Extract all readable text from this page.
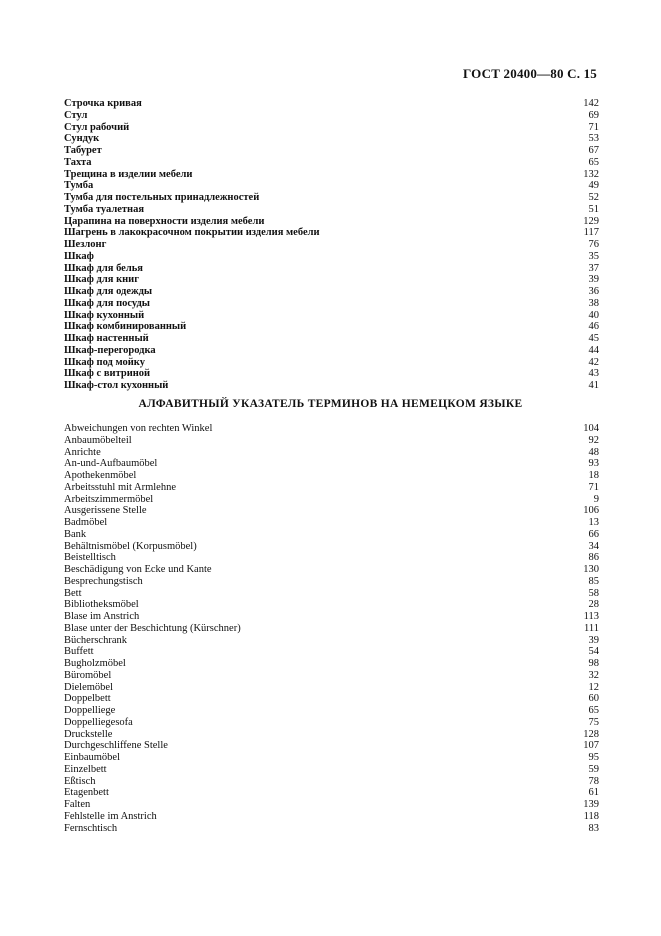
ГОСТ 20400—80 С. 15
Строчка кривая	142
Стул	69
Стул рабочий	71
Сундук	53
Табурет	67
Тахта	65
Трещина в изделии мебели	132
Тумба	49
Тумба для постельных принадлежностей	52
Тумба туалетная	51
Царапина на поверхности изделия мебели	129
Шагрень в лакокрасочном покрытии изделия мебели	117
Шезлонг	76
Шкаф	35
Шкаф для белья	37
Шкаф для книг	39
Шкаф для одежды	36
Шкаф для посуды	38
Шкаф кухонный	40
Шкаф комбинированный	46
Шкаф настенный	45
Шкаф-перегородка	44
Шкаф под мойку	42
Шкаф с витриной	43
Шкаф-стол кухонный	41
АЛФАВИТНЫЙ УКАЗАТЕЛЬ ТЕРМИНОВ НА НЕМЕЦКОМ ЯЗЫКЕ
Abweichungen von rechten Winkel	104
Anbaumöbelteil	92
Anrichte	48
An-und-Aufbaumöbel	93
Apothekenmöbel	18
Arbeitsstuhl mit Armlehne	71
Arbeitszimmermöbel	9
Ausgerissene Stelle	106
Badmöbel	13
Bank	66
Behältnismöbel (Korpusmöbel)	34
Beistelltisch	86
Beschädigung von Ecke und Kante	130
Besprechungstisch	85
Bett	58
Bibliotheksmöbel	28
Blase im Anstrich	113
Blase unter der Beschichtung (Kürschner)	111
Bücherschrank	39
Buffett	54
Bugholzmöbel	98
Büromöbel	32
Dielemöbel	12
Doppelbett	60
Doppelliege	65
Doppelliegesofa	75
Druckstelle	128
Durchgeschliffene Stelle	107
Einbaumöbel	95
Einzelbett	59
Eßtisch	78
Etagenbett	61
Falten	139
Fehlstelle im Anstrich	118
Fernschtisch	83
